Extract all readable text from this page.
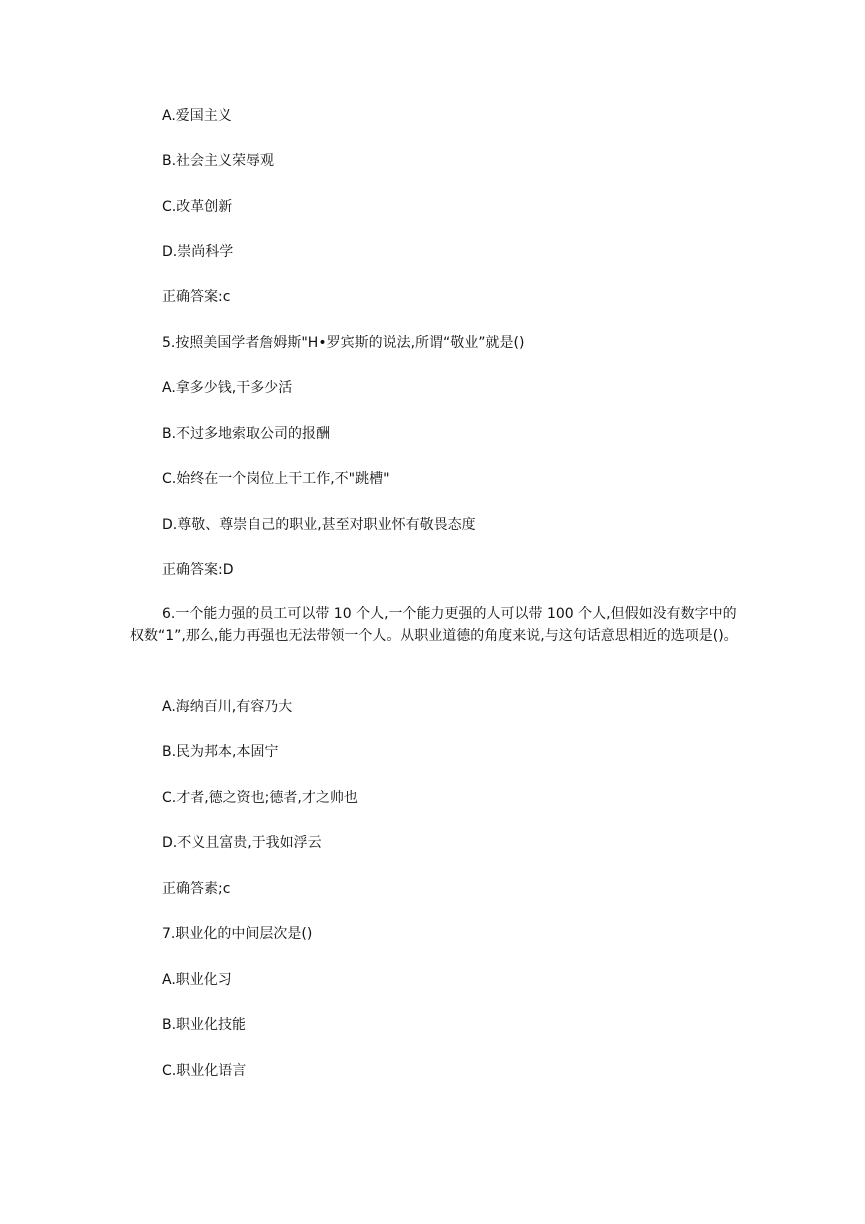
A.爱国主义
B.社会主义荣辱观
C.改革创新
D.崇尚科学
正确答案:c
5.按照美国学者詹姆斯"H•罗宾斯的说法,所谓“敬业”就是()
A.拿多少钱,干多少活
B.不过多地索取公司的报酬
C.始终在一个岗位上干工作,不"跳槽"
D.尊敬、尊崇自己的职业,甚至对职业怀有敬畏态度
正确答案:D
6.一个能力强的员工可以带 10 个人,一个能力更强的人可以带 100 个人,但假如没有数字中的权数“1”,那么,能力再强也无法带领一个人。从职业道德的角度来说,与这句话意思相近的选项是()。
A.海纳百川,有容乃大
B.民为邦本,本固宁
C.才者,德之资也;德者,才之帅也
D.不义且富贵,于我如浮云
正确答素;c
7.职业化的中间层次是()
A.职业化习
B.职业化技能
C.职业化语言
